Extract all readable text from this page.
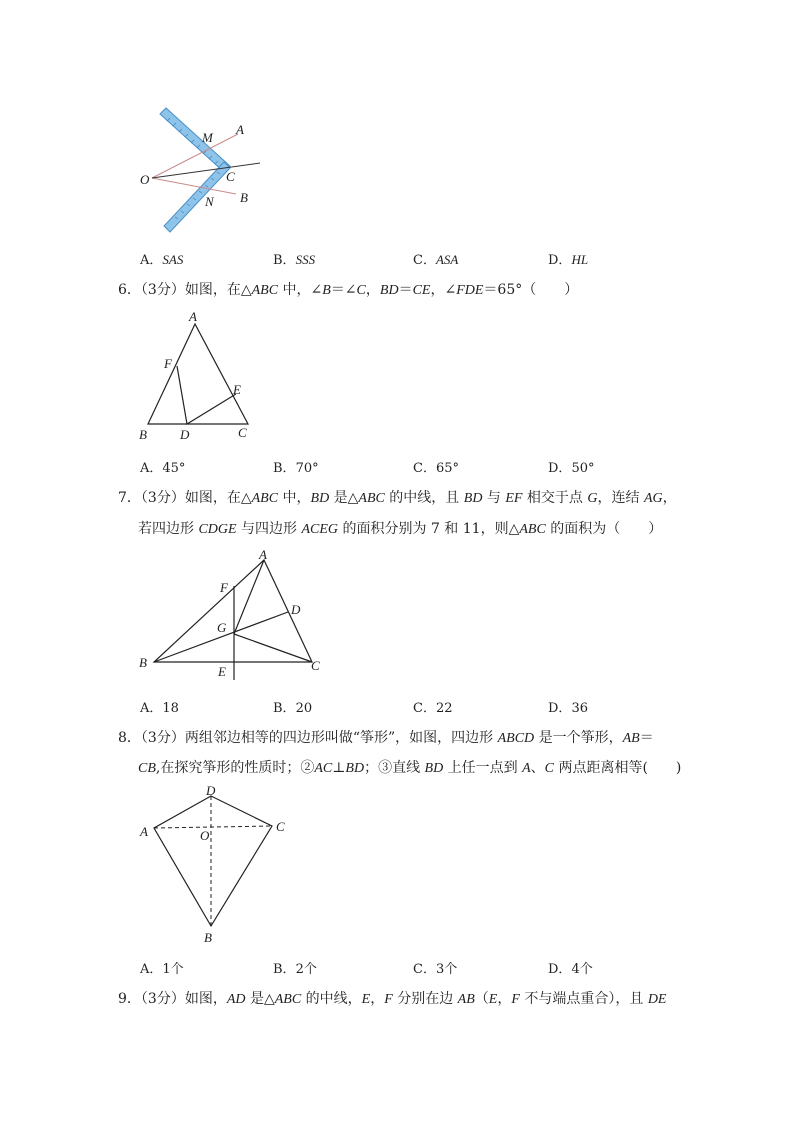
M
A
O	C
N B
A．SAS	B．SSS	C．ASA	D．HL
6．（3分）如图，在△ABC 中，∠B＝∠C，BD＝CE，∠FDE＝65°（　　）
A
F
E
B	D	C
A．45°	B．70°	C．65°	D．50°
7．（3分）如图，在△ABC 中，BD 是△ABC 的中线，且 BD 与 EF 相交于点 G，连结 AG，
若四边形 CDGE 与四边形 ACEG 的面积分别为 7 和 11，则△ABC 的面积为（　　）
A
F
D
G
B
E	C
A．18	B．20	C．22	D．36
8．（3分）两组邻边相等的四边形叫做“筝形”，如图，四边形 ABCD 是一个筝形，AB＝
CB,在探究筝形的性质时；②AC⊥BD；③直线 BD 上任一点到 A、C 两点距离相等(　　)
D
A	O
C
B
A．1个	B．2个	C．3个	D．4个
9．（3分）如图，AD 是△ABC 的中线，E，F 分别在边 AB（E，F 不与端点重合），且 DE
